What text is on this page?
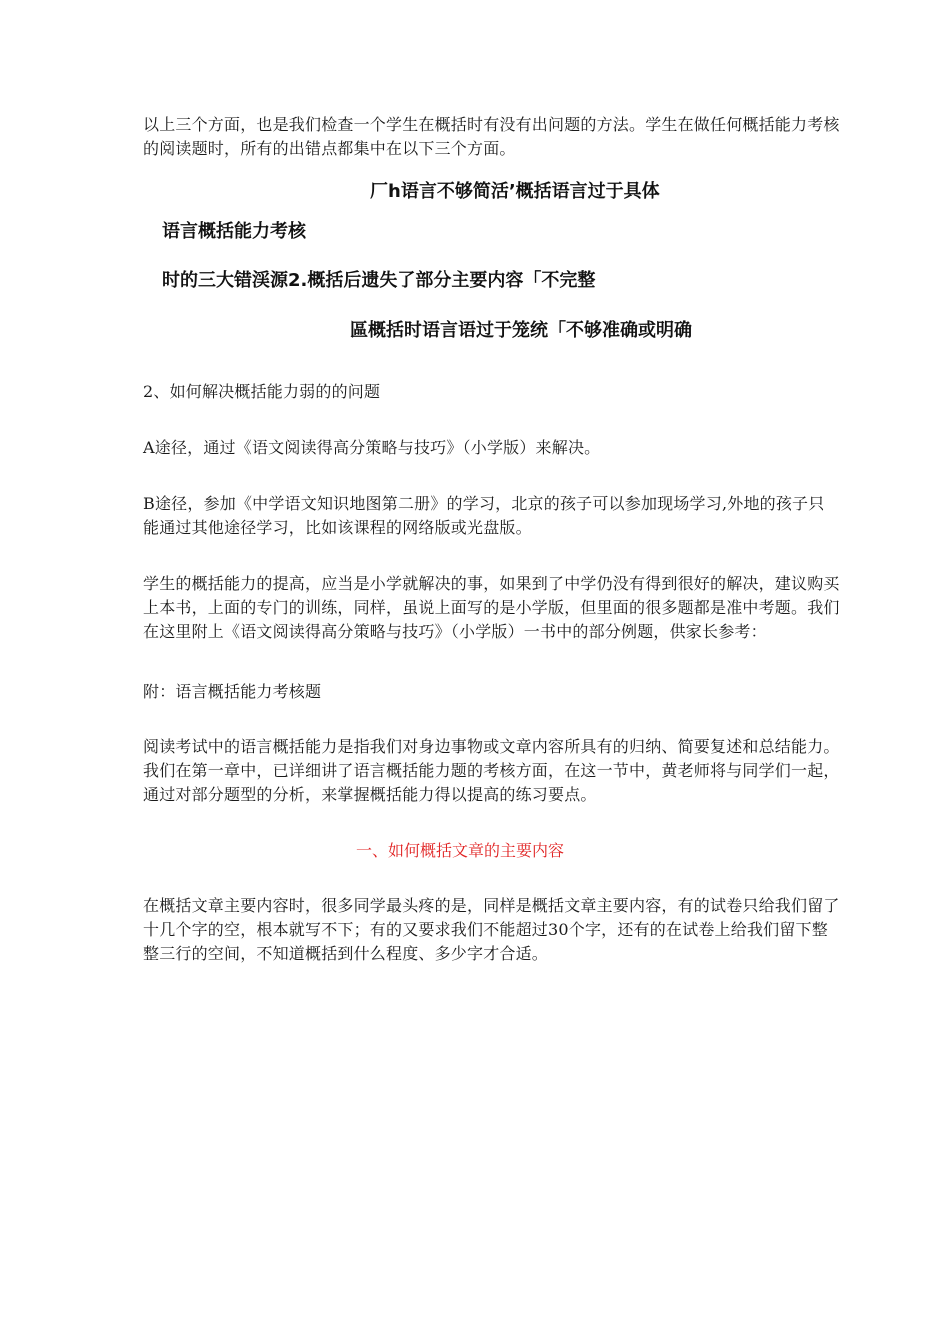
以上三个方面，也是我们检查一个学生在概括时有没有出问题的方法。学生在做任何概括能力考核
的阅读题时，所有的出错点都集中在以下三个方面。
厂h语言不够简活’概括语言过于具体
语言概括能力考核
时的三大错渓源2.概括后遗失了部分主要内容「不完整
區概括时语言语过于笼统「不够准确或明确
2、如何解决概括能力弱的的问题
A途径，通过《语文阅读得高分策略与技巧》（小学版）来解决。
B途径，参加《中学语文知识地图第二册》的学习，北京的孩子可以参加现场学习,外地的孩子只
能通过其他途径学习，比如该课程的网络版或光盘版。
学生的概括能力的提高，应当是小学就解决的事，如果到了中学仍没有得到很好的解决，建议购买
上本书，上面的专门的训练，同样，虽说上面写的是小学版，但里面的很多题都是准中考题。我们
在这里附上《语文阅读得高分策略与技巧》（小学版）一书中的部分例题，供家长参考：
附：语言概括能力考核题
阅读考试中的语言概括能力是指我们对身边事物或文章内容所具有的归纳、简要复述和总结能力。
我们在第一章中，已详细讲了语言概括能力题的考核方面，在这一节中，黄老师将与同学们一起，
通过对部分题型的分析，来掌握概括能力得以提高的练习要点。
一、如何概括文章的主要内容
在概括文章主要内容时，很多同学最头疼的是，同样是概括文章主要内容，有的试卷只给我们留了
十几个字的空，根本就写不下；有的又要求我们不能超过30个字，还有的在试卷上给我们留下整
整三行的空间，不知道概括到什么程度、多少字才合适。
